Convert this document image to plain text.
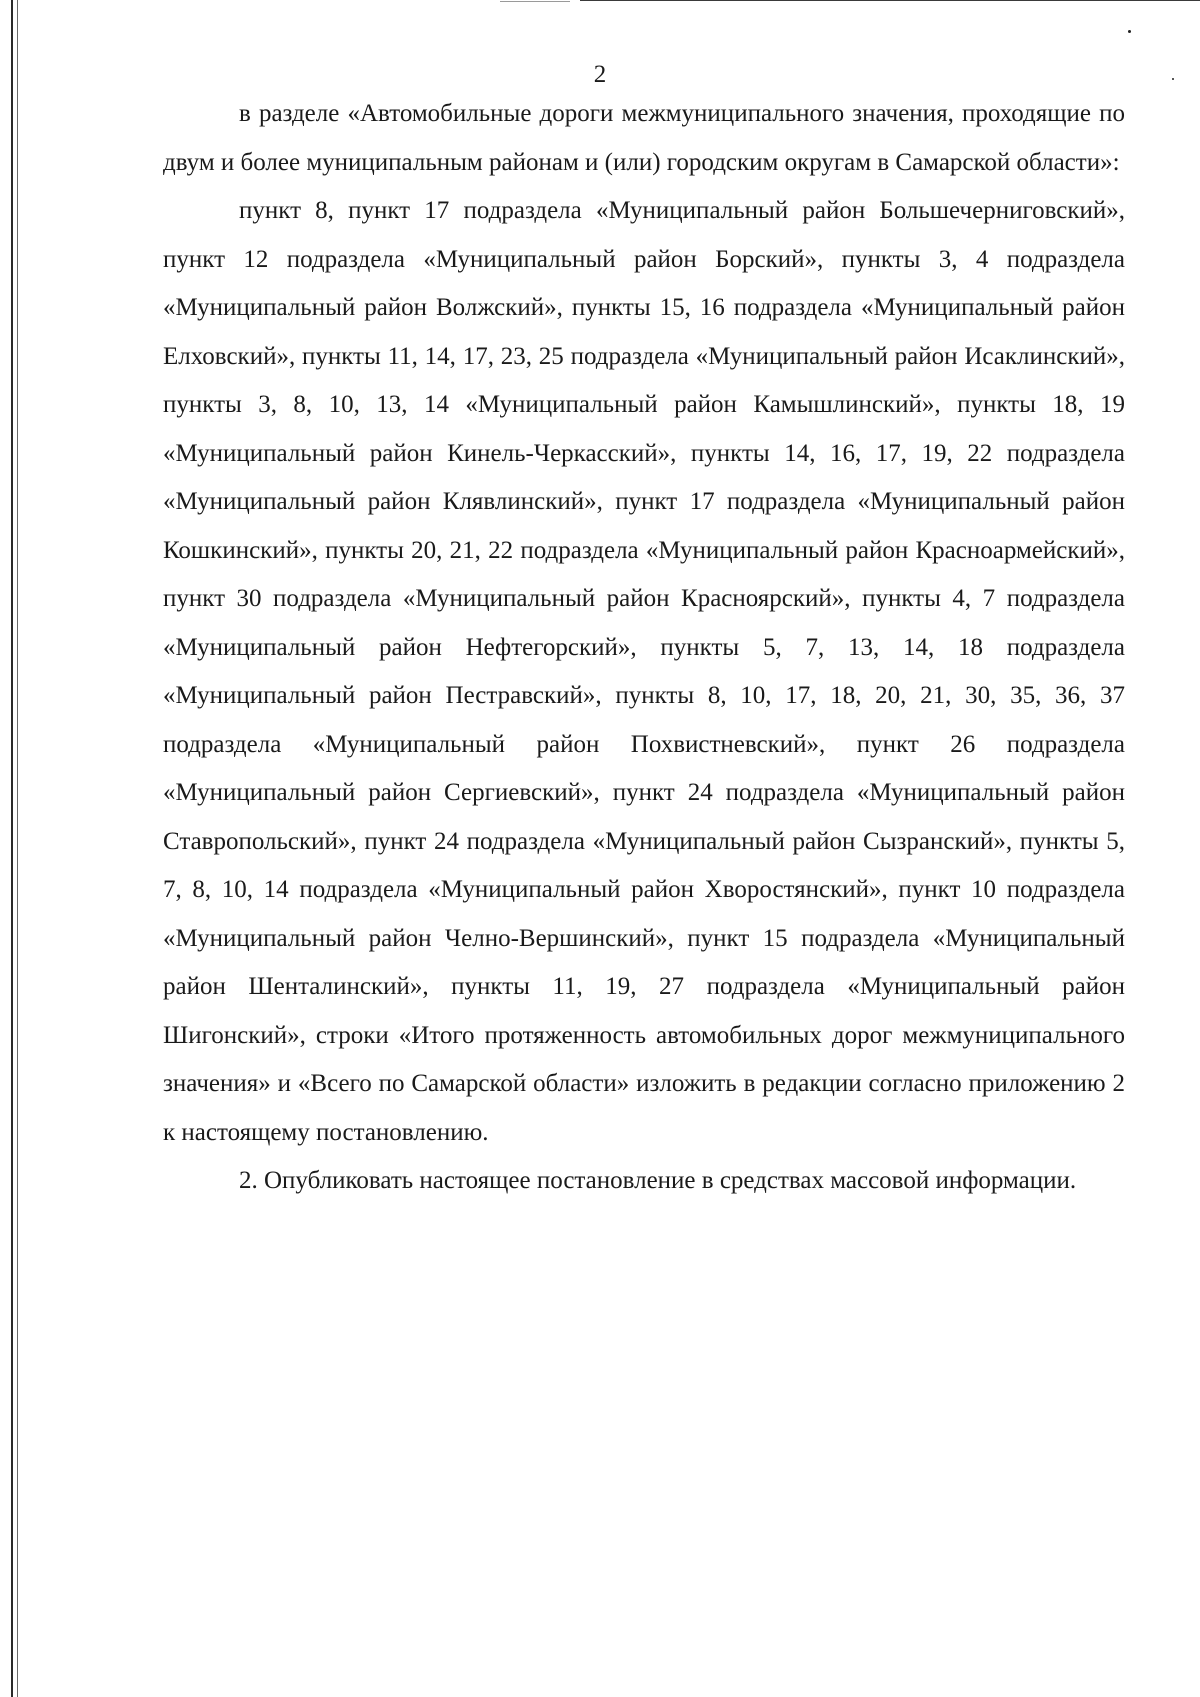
2

в разделе «Автомобильные дороги межмуниципального значения, проходящие по двум и более муниципальным районам и (или) городским округам в Самарской области»:

пункт 8, пункт 17 подраздела «Муниципальный район Большечерниговский», пункт 12 подраздела «Муниципальный район Борский», пункты 3, 4 подраздела «Муниципальный район Волжский», пункты 15, 16 подраздела «Муниципальный район Елховский», пункты 11, 14, 17, 23, 25 подраздела «Муниципальный район Исаклинский», пункты 3, 8, 10, 13, 14 «Муниципальный район Камышлинский», пункты 18, 19 «Муниципальный район Кинель-Черкасский», пункты 14, 16, 17, 19, 22 подраздела «Муниципальный район Клявлинский», пункт 17 подраздела «Муниципальный район Кошкинский», пункты 20, 21, 22 подраздела «Муниципальный район Красноармейский», пункт 30 подраздела «Муниципальный район Красноярский», пункты 4, 7 подраздела «Муниципальный район Нефтегорский», пункты 5, 7, 13, 14, 18 подраздела «Муниципальный район Пестравский», пункты 8, 10, 17, 18, 20, 21, 30, 35, 36, 37 подраздела «Муниципальный район Похвистневский», пункт 26 подраздела «Муниципальный район Сергиевский», пункт 24 подраздела «Муниципальный район Ставропольский», пункт 24 подраздела «Муниципальный район Сызранский», пункты 5, 7, 8, 10, 14 подраздела «Муниципальный район Хворостянский», пункт 10 подраздела «Муниципальный район Челно-Вершинский», пункт 15 подраздела «Муниципальный район Шенталинский», пункты 11, 19, 27 подраздела «Муниципальный район Шигонский», строки «Итого протяженность автомобильных дорог межмуниципального значения» и «Всего по Самарской области» изложить в редакции согласно приложению 2 к настоящему постановлению.

2. Опубликовать настоящее постановление в средствах массовой информации.
